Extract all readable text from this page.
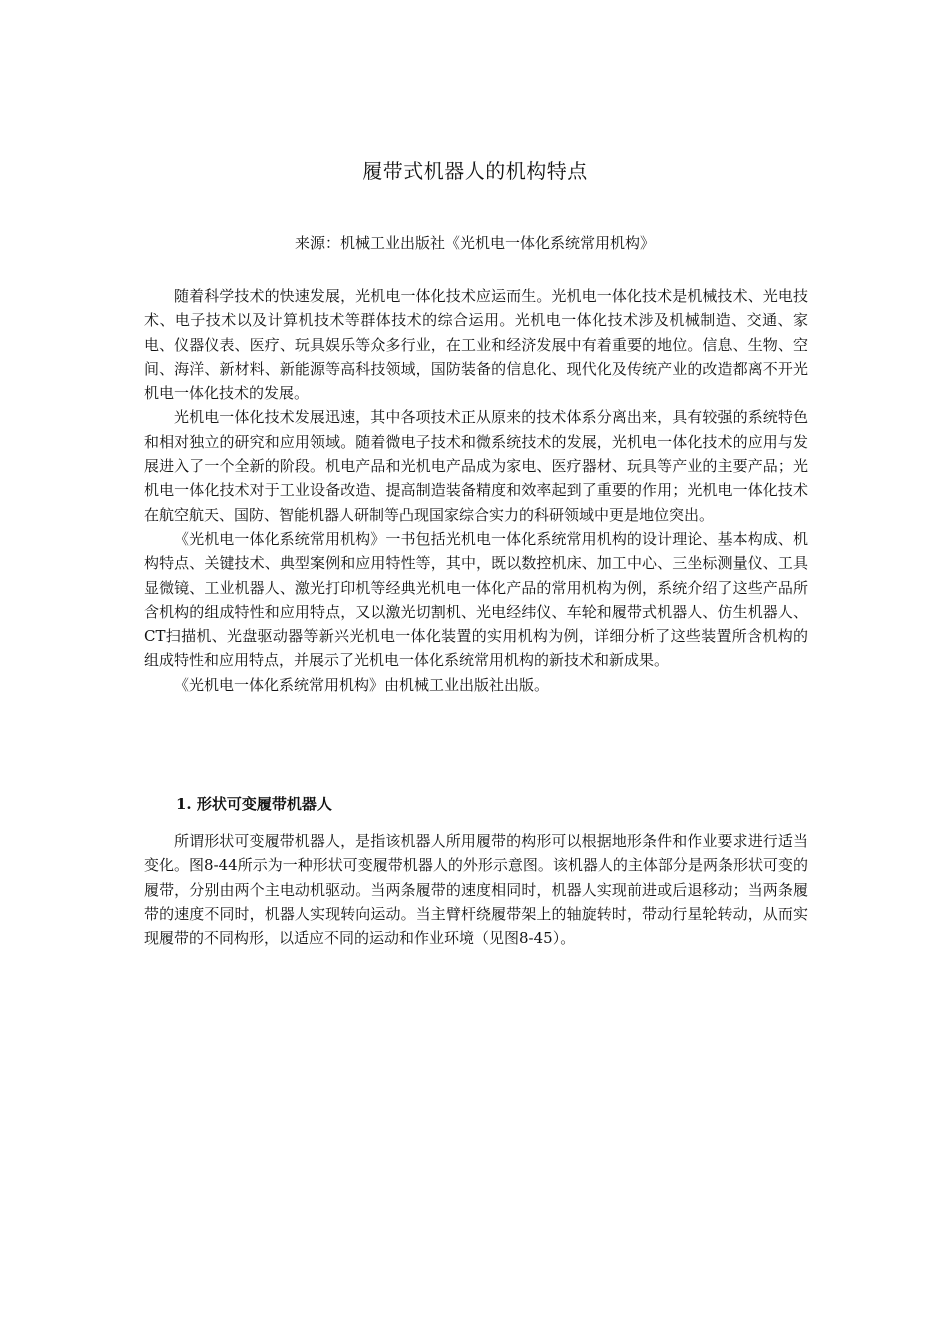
履带式机器人的机构特点
来源：机械工业出版社《光机电一体化系统常用机构》

随着科学技术的快速发展，光机电一体化技术应运而生。光机电一体化技术是机械技术、光电技术、电子技术以及计算机技术等群体技术的综合运用。光机电一体化技术涉及机械制造、交通、家电、仪器仪表、医疗、玩具娱乐等众多行业，在工业和经济发展中有着重要的地位。信息、生物、空间、海洋、新材料、新能源等高科技领域，国防装备的信息化、现代化及传统产业的改造都离不开光机电一体化技术的发展。

光机电一体化技术发展迅速，其中各项技术正从原来的技术体系分离出来，具有较强的系统特色和相对独立的研究和应用领域。随着微电子技术和微系统技术的发展，光机电一体化技术的应用与发展进入了一个全新的阶段。机电产品和光机电产品成为家电、医疗器材、玩具等产业的主要产品；光机电一体化技术对于工业设备改造、提高制造装备精度和效率起到了重要的作用；光机电一体化技术在航空航天、国防、智能机器人研制等凸现国家综合实力的科研领域中更是地位突出。

《光机电一体化系统常用机构》一书包括光机电一体化系统常用机构的设计理论、基本构成、机构特点、关键技术、典型案例和应用特性等，其中，既以数控机床、加工中心、三坐标测量仪、工具显微镜、工业机器人、激光打印机等经典光机电一体化产品的常用机构为例，系统介绍了这些产品所含机构的组成特性和应用特点，又以激光切割机、光电经纬仪、车轮和履带式机器人、仿生机器人、CT扫描机、光盘驱动器等新兴光机电一体化装置的实用机构为例，详细分析了这些装置所含机构的组成特性和应用特点，并展示了光机电一体化系统常用机构的新技术和新成果。

《光机电一体化系统常用机构》由机械工业出版社出版。

1. 形状可变履带机器人

所谓形状可变履带机器人，是指该机器人所用履带的构形可以根据地形条件和作业要求进行适当变化。图8-44所示为一种形状可变履带机器人的外形示意图。该机器人的主体部分是两条形状可变的履带，分别由两个主电动机驱动。当两条履带的速度相同时，机器人实现前进或后退移动；当两条履带的速度不同时，机器人实现转向运动。当主臂杆绕履带架上的轴旋转时，带动行星轮转动，从而实现履带的不同构形，以适应不同的运动和作业环境（见图8-45）。
